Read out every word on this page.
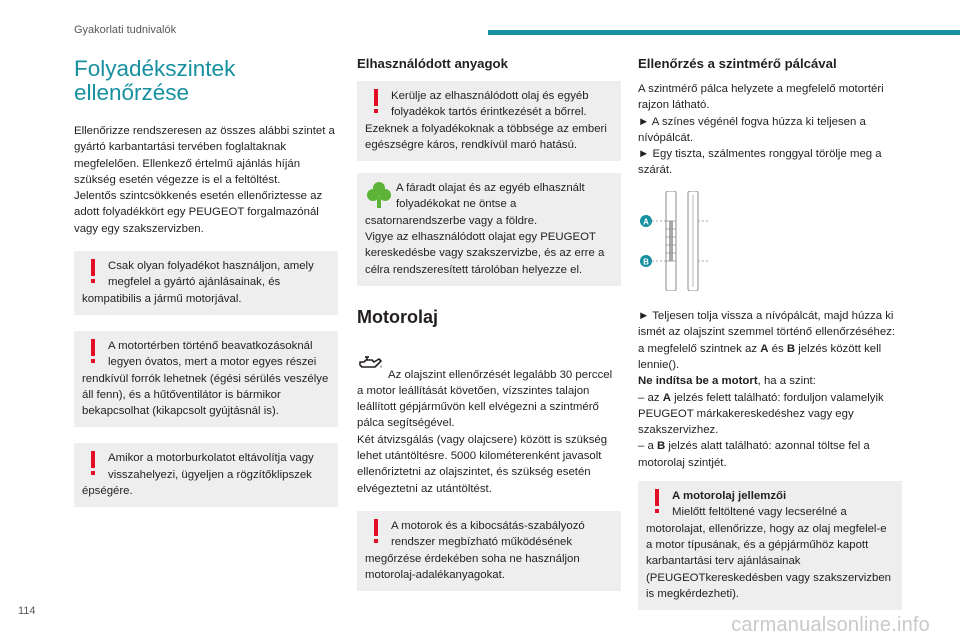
Gyakorlati tudnivalók
Folyadékszintek ellenőrzése
Ellenőrizze rendszeresen az összes alábbi szintet a gyártó karbantartási tervében foglaltaknak megfelelően. Ellenkező értelmű ajánlás híján szükség esetén végezze is el a feltöltést.
Jelentős szintcsökkenés esetén ellenőriztesse az adott folyadékkört egy PEUGEOT forgalmazónál vagy egy szakszervizben.
Csak olyan folyadékot használjon, amely megfelel a gyártó ajánlásainak, és kompatibilis a jármű motorjával.
A motortérben történő beavatkozásoknál legyen óvatos, mert a motor egyes részei rendkívül forrók lehetnek (égési sérülés veszélye áll fenn), és a hűtőventilátor is bármikor bekapcsolhat (kikapcsolt gyújtásnál is).
Amikor a motorburkolatot eltávolítja vagy visszahelyezi, ügyeljen a rögzítőklipszek épségére.
Elhasználódott anyagok
Kerülje az elhasználódott olaj és egyéb folyadékok tartós érintkezését a bőrrel.
Ezeknek a folyadékoknak a többsége az emberi egészségre káros, rendkívül maró hatású.
A fáradt olajat és az egyéb elhasznált folyadékokat ne öntse a csatornarendszerbe vagy a földre.
Vigye az elhasználódott olajat egy PEUGEOT kereskedésbe vagy szakszervizbe, és az erre a célra rendszeresített tárolóban helyezze el.
Motorolaj

Az olajszint ellenőrzését legalább 30 perccel a motor leállítását követően, vízszintes talajon leállított gépjárművön kell elvégezni a szintmérő pálca segítségével.
Két átvizsgálás (vagy olajcsere) között is szükség lehet utántöltésre. 5000 kilométerenként javasolt ellenőriztetni az olajszintet, és szükség esetén elvégeztetni az utántöltést.

A motorok és a kibocsátás-szabályozó rendszer megbízható működésének megőrzése érdekében soha ne használjon motorolaj-adalékanyagokat.
Ellenőrzés a szintmérő pálcával
A szintmérő pálca helyzete a megfelelő motortéri rajzon látható.
► A színes végénél fogva húzza ki teljesen a nívópálcát.
► Egy tiszta, szálmentes ronggyal törölje meg a szárát.
A
B
► Teljesen tolja vissza a nívópálcát, majd húzza ki ismét az olajszint szemmel történő ellenőrzéséhez: a megfelelő szintnek az A és B jelzés között kell lennie().
Ne indítsa be a motort, ha a szint:
– az A jelzés felett található: forduljon valamelyik PEUGEOT márkakereskedéshez vagy egy szakszervizhez.
– a B jelzés alatt található: azonnal töltse fel a motorolaj szintjét.
A motorolaj jellemzői
Mielőtt feltöltené vagy lecserélné a motorolajat, ellenőrizze, hogy az olaj megfelel-e a motor típusának, és a gépjárműhöz kapott karbantartási terv ajánlásainak (PEUGEOTkereskedésben vagy szakszervizben is megkérdezheti).
114
carmanualsonline.info
